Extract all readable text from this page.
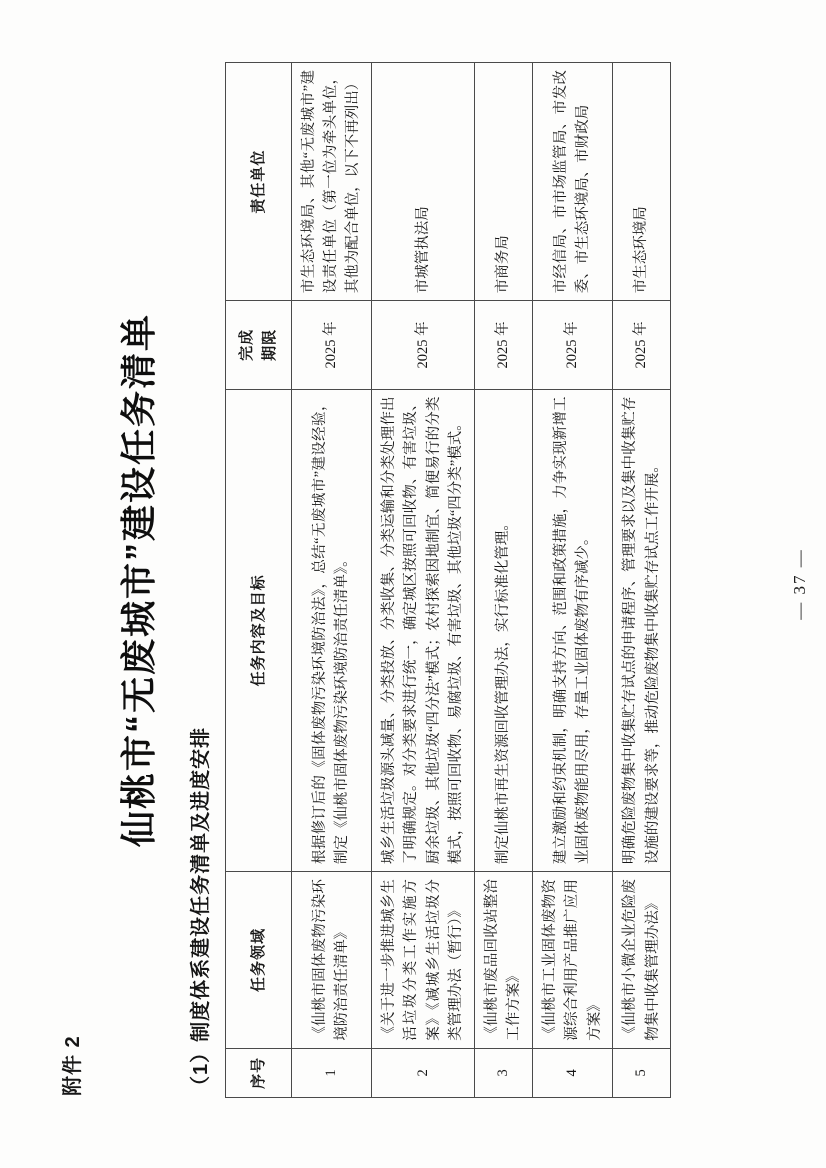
附件 2
仙桃市“无废城市”建设任务清单
（1）制度体系建设任务清单及进度安排	序号	任务领域	任务内容及目标	完成 期限	责任单位
1	《仙桃市固体废物污染环境防治责任清单》	根据修订后的《固体废物污染环境防治法》，总结“无废城市”建设经验，制定《仙桃市固体废物污染环境防治责任清单》。	2025 年	市生态环境局、其他“无废城市”建设责任单位（第一位为牵头单位，其他为配合单位，以下不再列出）
2	《关于进一步推进城乡生活垃圾分类工作实施方案》《减城乡生活垃圾分类管理办法（暂行）》	城乡生活垃圾源头减量、分类投放、分类收集、分类运输和分类处理作出了明确规定。对分类要求进行统一，确定城区按照可回收物、有害垃圾、厨余垃圾、其他垃圾“四分法”模式；农村探索因地制宜、简便易行的分类模式，按照可回收物、易腐垃圾、有害垃圾、其他垃圾“四分类”模式。	2025 年	市城管执法局
3	《仙桃市废品回收站整治工作方案》	制定仙桃市再生资源回收管理办法，实行标准化管理。	2025 年	市商务局
4	《仙桃市工业固体废物资源综合利用产品推广应用方案》	建立激励和约束机制，明确支持方向、范围和政策措施，力争实现新增工业固体废物能用尽用，存量工业固体废物有序减少。	2025 年	市经信局、市市场监管局、市发改委、市生态环境局、市财政局
5	《仙桃市小微企业危险废物集中收集管理办法》	明确危险废物集中收集贮存试点的申请程序、管理要求以及集中收集贮存设施的建设要求等，推动危险废物集中收集贮存试点工作开展。	2025 年	市生态环境局
— 37 —
